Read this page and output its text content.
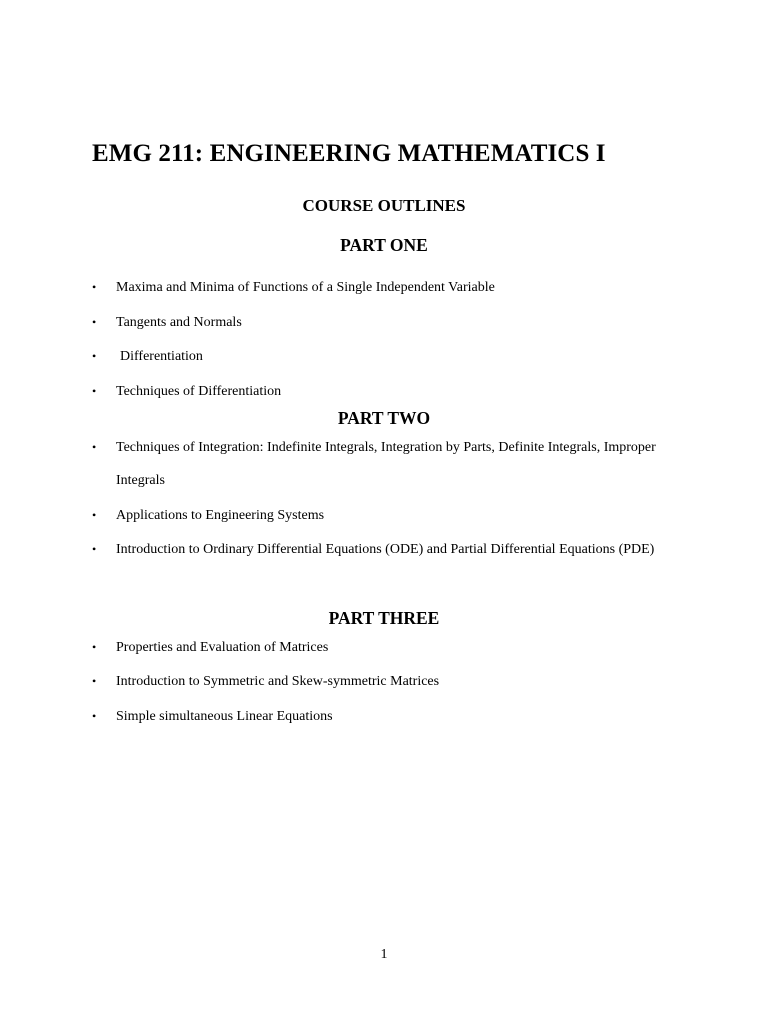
EMG 211: ENGINEERING MATHEMATICS I
COURSE OUTLINES
PART ONE
• Maxima and Minima of Functions of a Single Independent Variable
• Tangents and Normals
• Differentiation
• Techniques of Differentiation
PART TWO
• Techniques of Integration: Indefinite Integrals, Integration by Parts, Definite Integrals, Improper Integrals
• Applications to Engineering Systems
• Introduction to Ordinary Differential Equations (ODE) and Partial Differential Equations (PDE)
PART THREE
• Properties and Evaluation of Matrices
• Introduction to Symmetric and Skew-symmetric Matrices
• Simple simultaneous Linear Equations
1
